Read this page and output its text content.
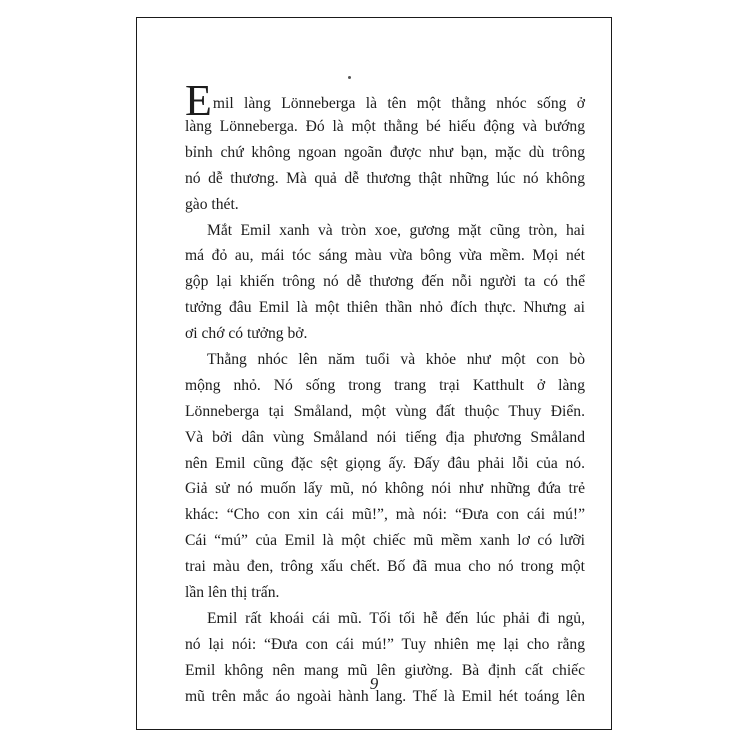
Emil làng Lönneberga là tên một thằng nhóc sống ở
làng Lönneberga. Đó là một thằng bé hiếu động và bướng
bỉnh chứ không ngoan ngoãn được như bạn, mặc dù trông
nó dễ thương. Mà quả dễ thương thật những lúc nó không
gào thét.
Mắt Emil xanh và tròn xoe, gương mặt cũng tròn, hai
má đỏ au, mái tóc sáng màu vừa bông vừa mềm. Mọi nét
gộp lại khiến trông nó dễ thương đến nỗi người ta có thể
tưởng đâu Emil là một thiên thần nhỏ đích thực. Nhưng ai
ơi chớ có tưởng bở.
Thằng nhóc lên năm tuổi và khỏe như một con bò
mộng nhỏ. Nó sống trong trang trại Katthult ở làng
Lönneberga tại Småland, một vùng đất thuộc Thuy Điển.
Và bởi dân vùng Småland nói tiếng địa phương Småland
nên Emil cũng đặc sệt giọng ấy. Đấy đâu phải lỗi của nó.
Giả sử nó muốn lấy mũ, nó không nói như những đứa trẻ
khác: “Cho con xin cái mũ!”, mà nói: “Đưa con cái mú!”
Cái “mú” của Emil là một chiếc mũ mềm xanh lơ có lưỡi
trai màu đen, trông xấu chết. Bố đã mua cho nó trong một
lần lên thị trấn.
Emil rất khoái cái mũ. Tối tối hễ đến lúc phải đi ngủ,
nó lại nói: “Đưa con cái mú!” Tuy nhiên mẹ lại cho rằng
Emil không nên mang mũ lên giường. Bà định cất chiếc
mũ trên mắc áo ngoài hành lang. Thế là Emil hét toáng lên
9
